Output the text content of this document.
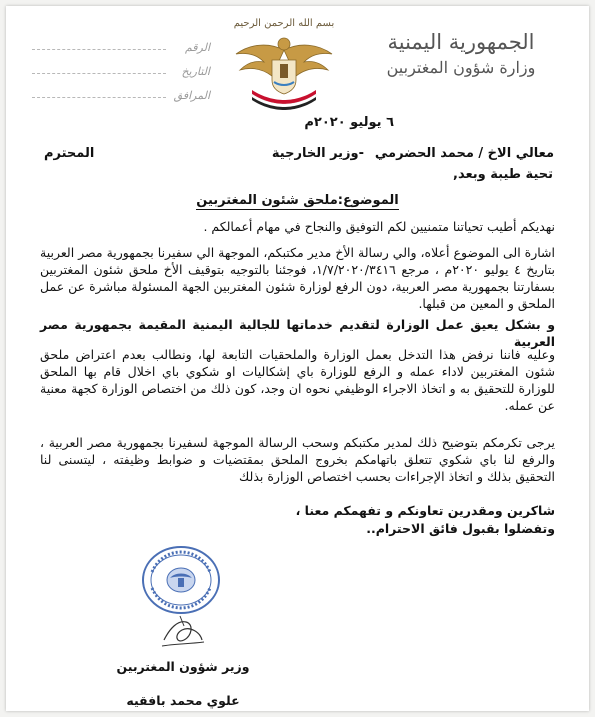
الجمهورية اليمنية
وزارة شؤون المغتربين
بسم الله الرحمن الرحيم
الرقم
التاريخ
المرافق
٦ يوليو ٢٠٢٠م
معالي الاخ / محمد الحضرمي
-وزير الخارجية
المحترم
تحية طيبة وبعد,
الموضوع:ملحق شئون المغتربين
نهديكم أطيب تحياتنا متمنيين لكم التوفيق والنجاح في مهام أعمالكم .
اشارة الى الموضوع أعلاه، والي رسالة الأخ مدير مكتبكم، الموجهة الي سفيرنا بجمهورية مصر العربية بتاريخ ٤ يوليو ٢٠٢٠م ، مرجع ١/٧/٢٠٢٠/٣٤١٦، فوجئنا بالتوجيه بتوقيف الأخ ملحق شئون المغتربين بسفارتنا بجمهورية مصر العربية، دون الرفع لوزارة شئون المغتربين الجهة المسئولة مباشرة عن عمل الملحق و المعين من قبلها.
و بشكل يعيق عمل الوزارة لتقديم خدماتها للجالية اليمنية المقيمة بجمهورية مصر العربية
وعليه فاننا نرفض هذا التدخل بعمل الوزارة والملحقيات التابعة لها، ونطالب بعدم اعتراض ملحق شئون المغتربين لاداء عمله و الرفع للوزارة باي إشكاليات او شكوي باي اخلال قام بها الملحق للوزارة للتحقيق به و اتخاذ الاجراء الوظيفي نحوه ان وجد، كون ذلك من اختصاص الوزارة كجهة معنية عن عمله.
يرجى تكرمكم بتوضيح ذلك لمدير مكتبكم وسحب الرسالة الموجهة لسفيرنا بجمهورية مصر العربية ، والرفع لنا باي شكوي تتعلق باتهامكم بخروج الملحق بمقتضيات و ضوابط وظيفته ، ليتسنى لنا التحقيق بذلك و اتخاذ الإجراءات بحسب اختصاص الوزارة بذلك
شاكرين ومقدرين تعاونكم و تفهمكم معنا ،
وتفضلوا بقبول فائق الاحترام..
وزير شؤون المغتربين
علوي محمد بافقيه
